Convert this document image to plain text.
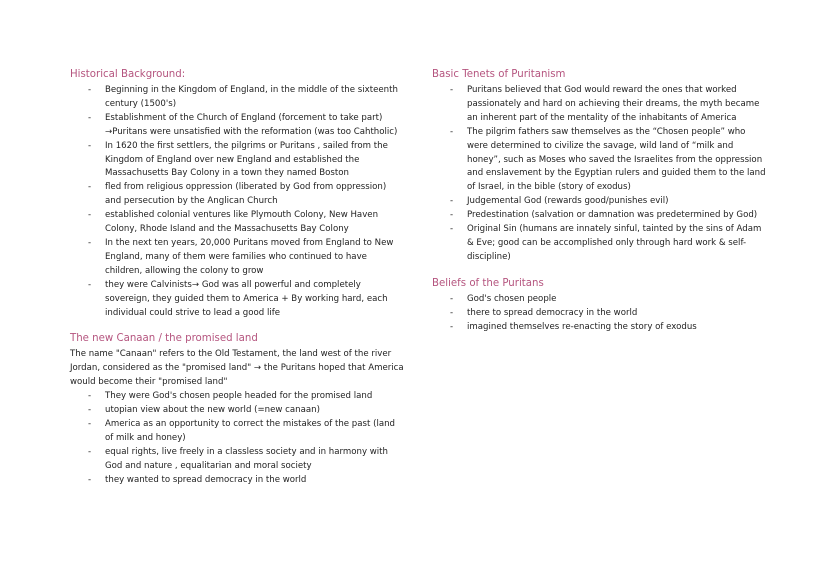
Historical Background:
- Beginning in the Kingdom of England, in the middle of the sixteenth century (1500's)
- Establishment of the Church of England (forcement to take part) →Puritans were unsatisfied with the reformation (was too Cahtholic)
- In 1620 the first settlers, the pilgrims or Puritans , sailed from the Kingdom of England over new England and established the Massachusetts Bay Colony in a town they named Boston
- fled from religious oppression (liberated by God from oppression) and persecution by the Anglican Church
- established colonial ventures like Plymouth Colony, New Haven Colony, Rhode Island and the Massachusetts Bay Colony
- In the next ten years, 20,000 Puritans moved from England to New England, many of them were families who continued to have children, allowing the colony to grow
- they were Calvinists→ God was all powerful and completely sovereign, they guided them to America + By working hard, each individual could strive to lead a good life
The new Canaan / the promised land

The name "Canaan" refers to the Old Testament, the land west of the river Jordan, considered as the "promised land" → the Puritans hoped that America would become their "promised land"

- They were God's chosen people headed for the promised land
- utopian view about the new world (=new canaan)
- America as an opportunity to correct the mistakes of the past (land of milk and honey)
- equal rights, live freely in a classless society and in harmony with God and nature , equalitarian and moral society
- they wanted to spread democracy in the world
Basic Tenets of Puritanism
- Puritans believed that God would reward the ones that worked passionately and hard on achieving their dreams, the myth became an inherent part of the mentality of the inhabitants of America
- The pilgrim fathers saw themselves as the “Chosen people” who were determined to civilize the savage, wild land of “milk and honey”, such as Moses who saved the Israelites from the oppression and enslavement by the Egyptian rulers and guided them to the land of Israel, in the bible (story of exodus)
- Judgemental God (rewards good/punishes evil)
- Predestination (salvation or damnation was predetermined by God)
- Original Sin (humans are innately sinful, tainted by the sins of Adam & Eve; good can be accomplished only through hard work & self-discipline)
Beliefs of the Puritans
- God's chosen people
- there to spread democracy in the world
- imagined themselves re-enacting the story of exodus
